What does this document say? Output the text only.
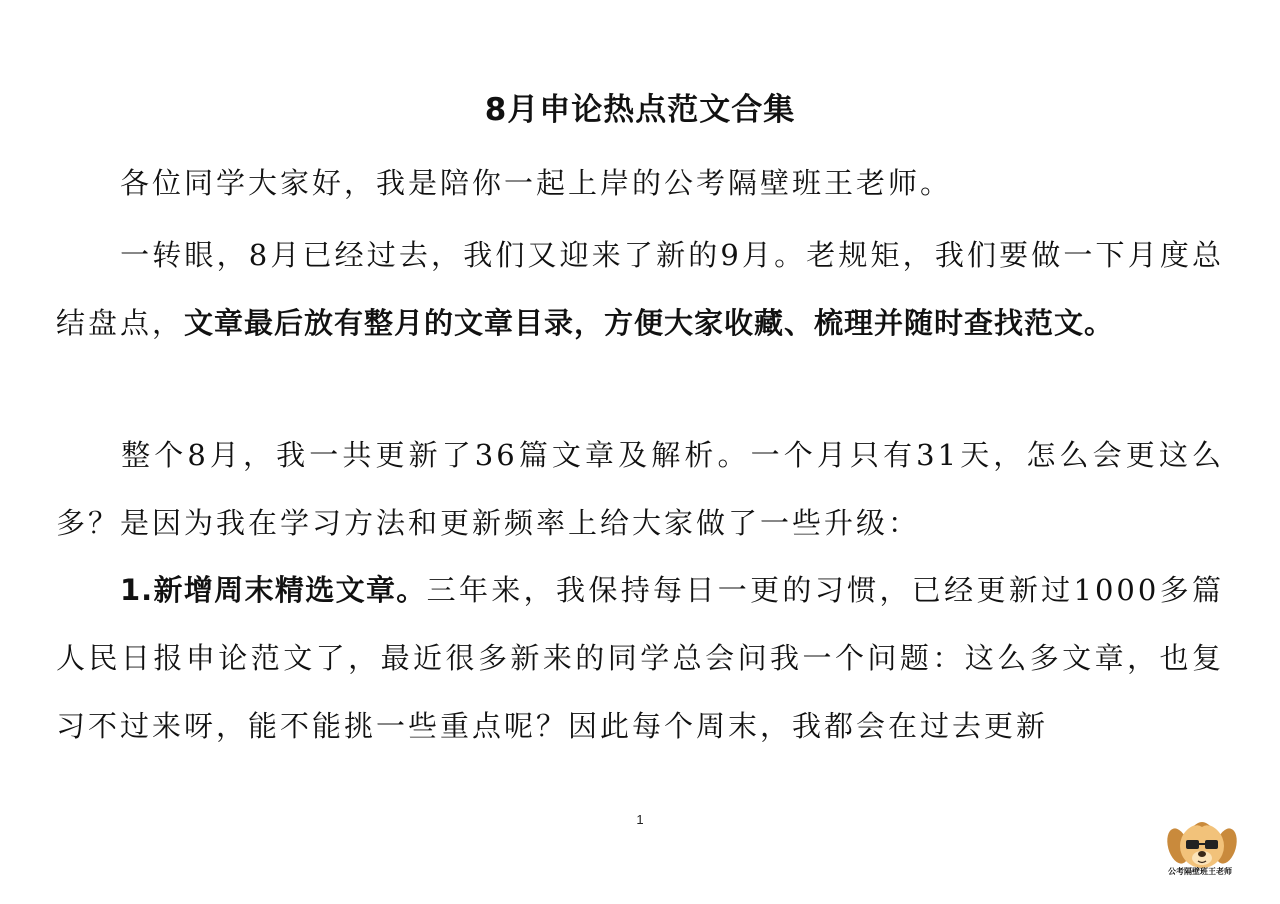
8月申论热点范文合集
各位同学大家好，我是陪你一起上岸的公考隔壁班王老师。
一转眼，8月已经过去，我们又迎来了新的9月。老规矩，我们要做一下月度总结盘点，文章最后放有整月的文章目录，方便大家收藏、梳理并随时查找范文。
整个8月，我一共更新了36篇文章及解析。一个月只有31天，怎么会更这么多？是因为我在学习方法和更新频率上给大家做了一些升级：
1.新增周末精选文章。三年来，我保持每日一更的习惯，已经更新过1000多篇人民日报申论范文了，最近很多新来的同学总会问我一个问题：这么多文章，也复习不过来呀，能不能挑一些重点呢？因此每个周末，我都会在过去更新
1
公考隔壁班王老师
